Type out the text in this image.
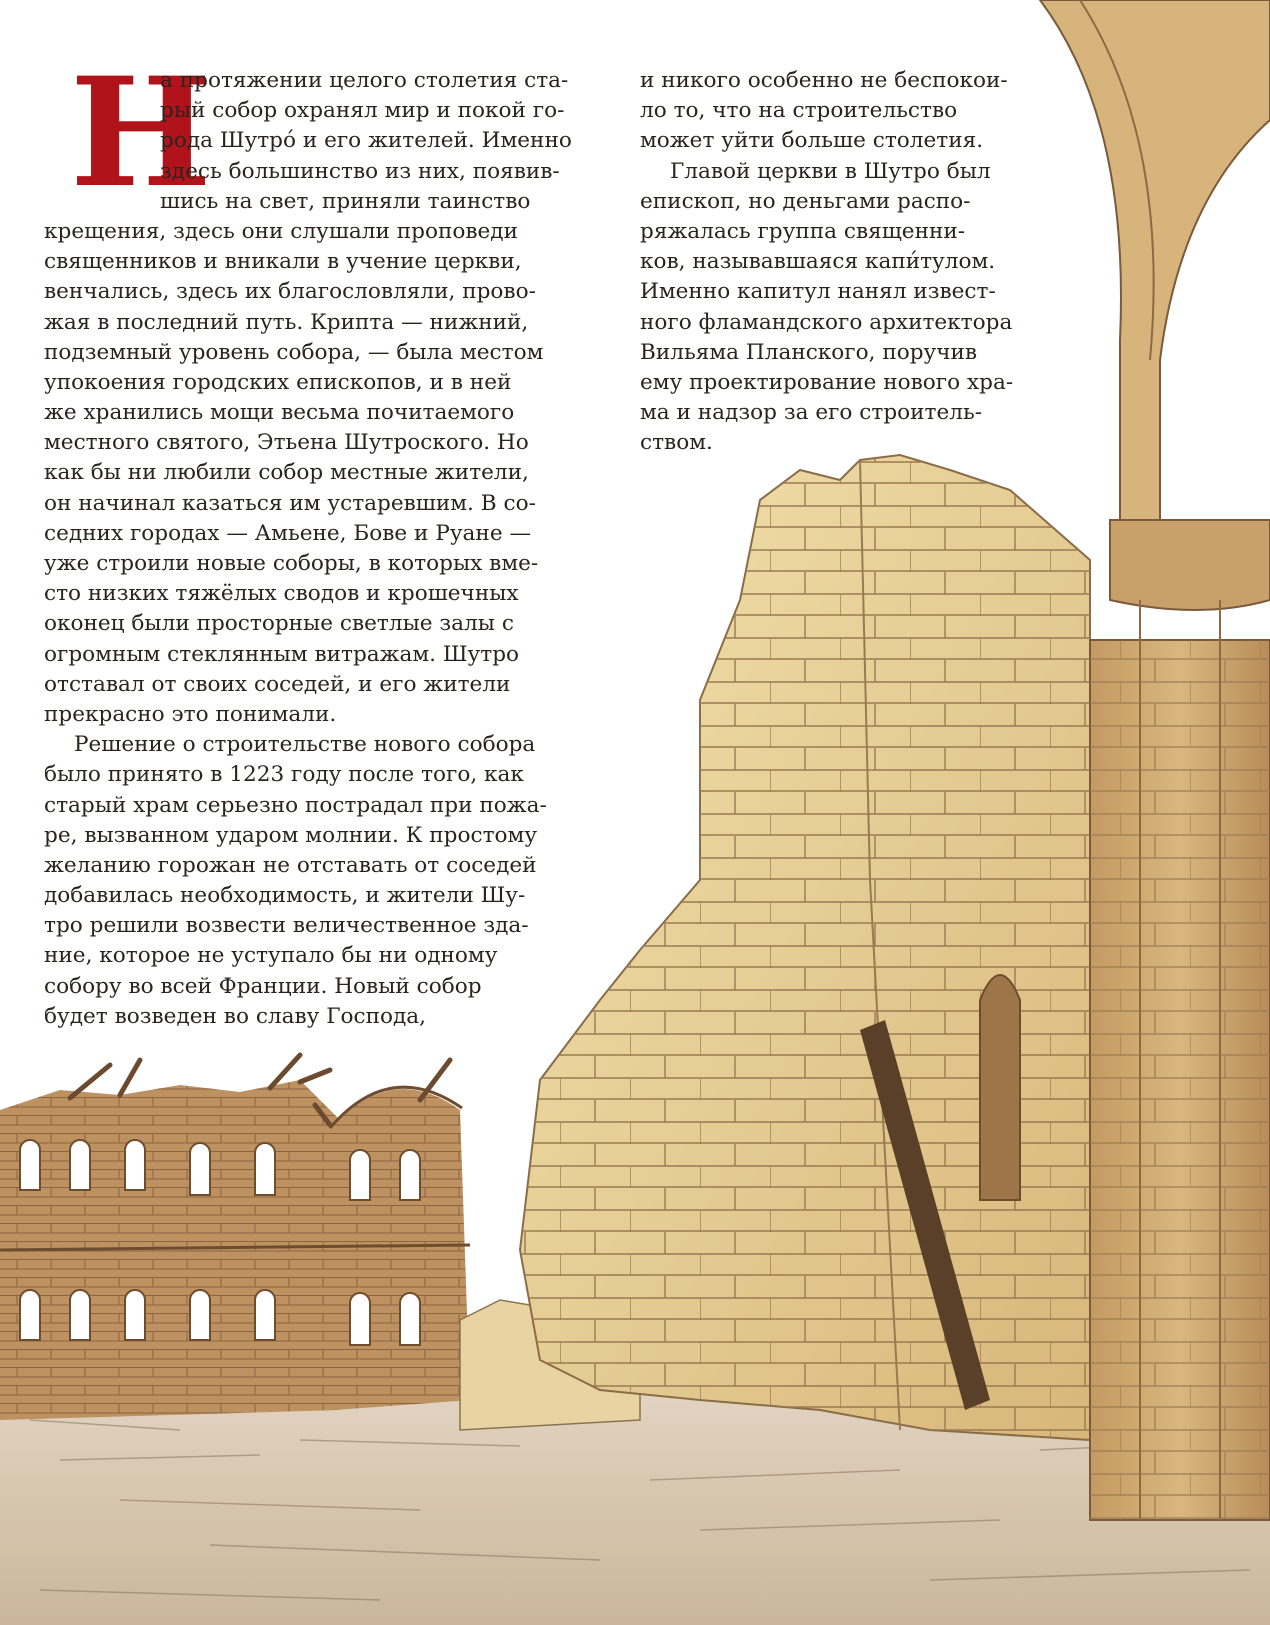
Н
а протяжении целого столетия ста-
рый собор охранял мир и покой го-
рода Шутро́ и его жителей. Именно
здесь большинство из них, появив-
шись на свет, приняли таинство
крещения, здесь они слушали проповеди
священников и вникали в учение церкви,
венчались, здесь их благословляли, прово-
жая в последний путь. Крипта — нижний,
подземный уровень собора, — была местом
упокоения городских епископов, и в ней
же хранились мощи весьма почитаемого
местного святого, Этьена Шутроского. Но
как бы ни любили собор местные жители,
он начинал казаться им устаревшим. В со-
седних городах — Амьене, Бове и Руане —
уже строили новые соборы, в которых вме-
сто низких тяжёлых сводов и крошечных
оконец были просторные светлые залы с
огромным стеклянным витражам. Шутро
отставал от своих соседей, и его жители
прекрасно это понимали.
Решение о строительстве нового собора
было принято в 1223 году после того, как
старый храм серьезно пострадал при пожа-
ре, вызванном ударом молнии. К простому
желанию горожан не отставать от соседей
добавилась необходимость, и жители Шу-
тро решили возвести величественное зда-
ние, которое не уступало бы ни одному
собору во всей Франции. Новый собор
будет возведен во славу Господа,
и никого особенно не беспокои-
ло то, что на строительство
может уйти больше столетия.
Главой церкви в Шутро был
епископ, но деньгами распо-
ряжалась группа священни-
ков, называвшаяся капи́тулом.
Именно капитул нанял извест-
ного фламандского архитектора
Вильяма Планского, поручив
ему проектирование нового хра-
ма и надзор за его строитель-
ством.
